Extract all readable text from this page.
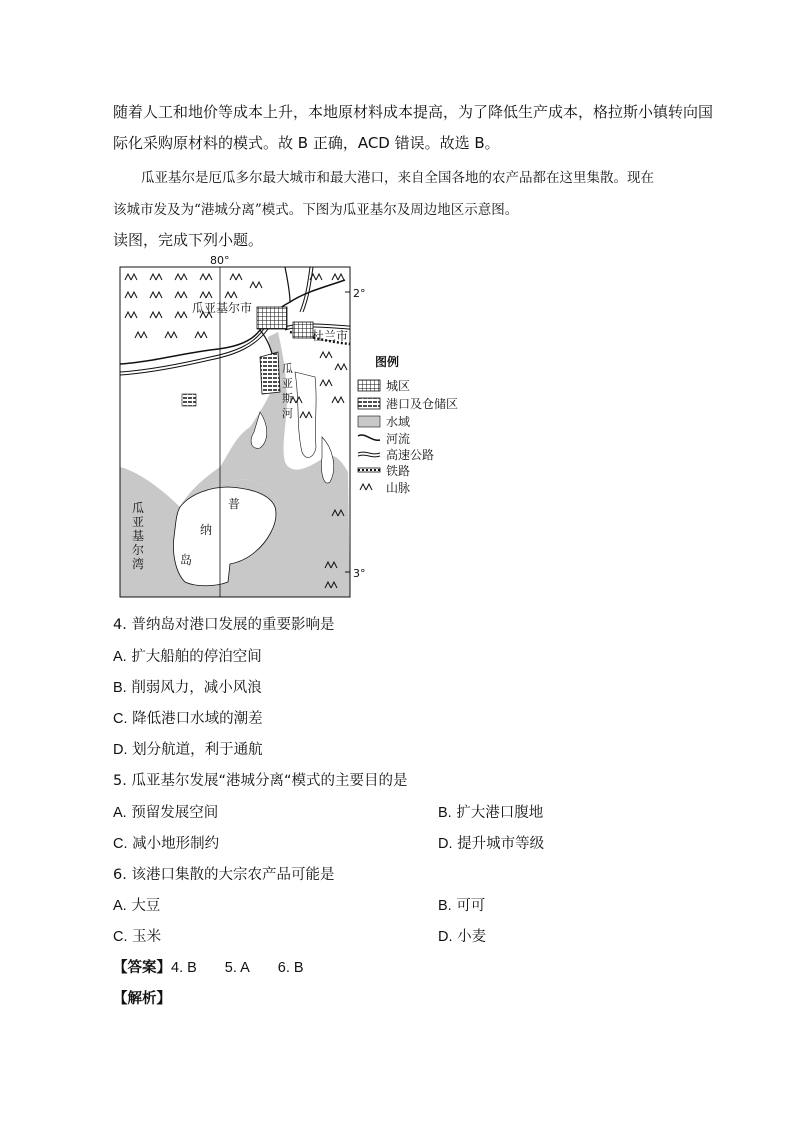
随着人工和地价等成本上升，本地原材料成本提高，为了降低生产成本，格拉斯小镇转向国
际化采购原材料的模式。故 B 正确，ACD 错误。故选 B。
瓜亚基尔是厄瓜多尔最大城市和最大港口，来自全国各地的农产品都在这里集散。现在
该城市发及为“港城分离”模式。下图为瓜亚基尔及周边地区示意图。
读图，完成下列小题。
80°
2°
3°
瓜亚基尔市
杜兰市
瓜
亚
斯
河
瓜
亚
基
尔
湾
普
纳
岛
图例
城区
港口及仓储区
水域
河流
高速公路
铁路
山脉
4. 普纳岛对港口发展的重要影响是
A. 扩大船舶的停泊空间
B. 削弱风力，减小风浪
C. 降低港口水域的潮差
D. 划分航道，利于通航
5. 瓜亚基尔发展“港城分离“模式的主要目的是
A. 预留发展空间	B. 扩大港口腹地
C. 减小地形制约	D. 提升城市等级
6. 该港口集散的大宗农产品可能是
A. 大豆	B. 可可
C. 玉米	D. 小麦
【答案】4. B 5. A 6. B
【解析】
